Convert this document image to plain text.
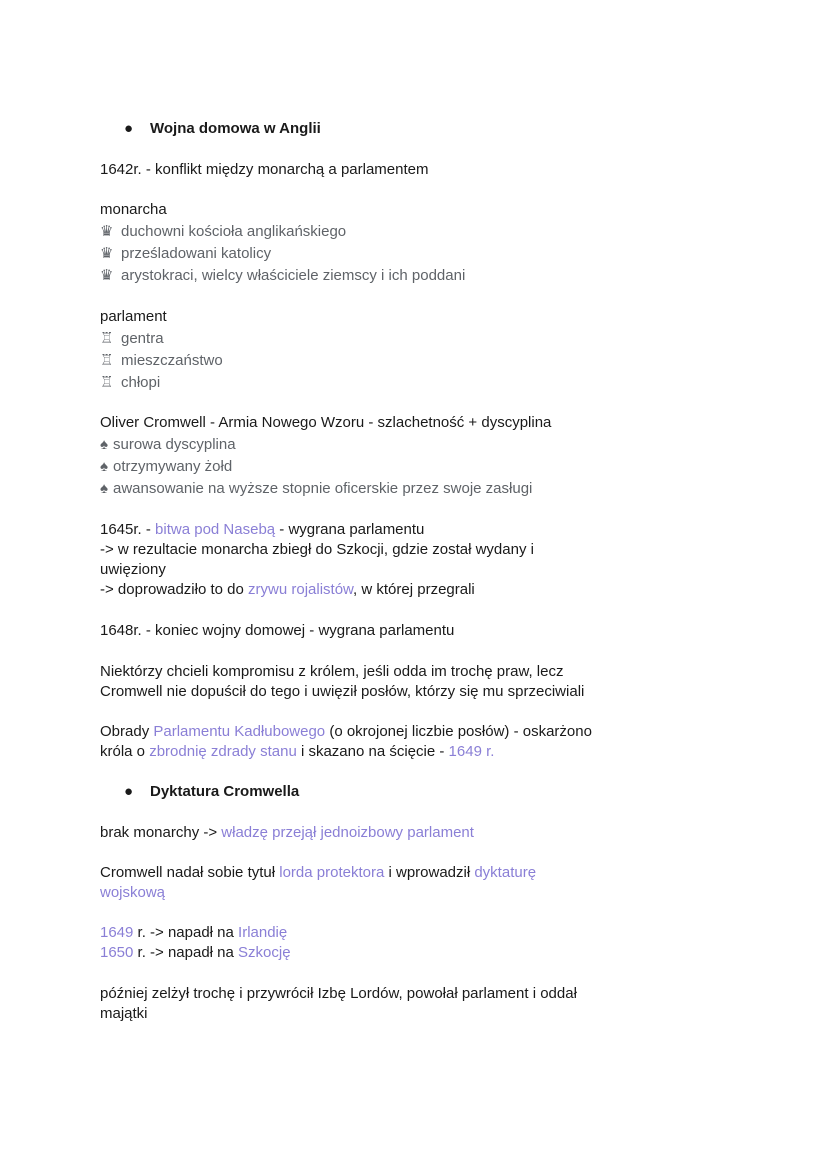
● Wojna domowa w Anglii
1642r. - konflikt między monarchą a parlamentem
monarcha
♛ duchowni kościoła anglikańskiego
♛ prześladowani katolicy
♛ arystokraci, wielcy właściciele ziemscy i ich poddani
parlament
♖ gentra
♖ mieszczaństwo
♖ chłopi
Oliver Cromwell - Armia Nowego Wzoru - szlachetność + dyscyplina
♠ surowa dyscyplina
♠ otrzymywany żołd
♠ awansowanie na wyższe stopnie oficerskie przez swoje zasługi
1645r. - bitwa pod Nasebą - wygrana parlamentu
-> w rezultacie monarcha zbiegł do Szkocji, gdzie został wydany i
uwięziony
-> doprowadziło to do zrywu rojalistów, w której przegrali
1648r. - koniec wojny domowej - wygrana parlamentu
Niektórzy chcieli kompromisu z królem, jeśli odda im trochę praw, lecz
Cromwell nie dopuścił do tego i uwięził posłów, którzy się mu sprzeciwiali
Obrady Parlamentu Kadłubowego (o okrojonej liczbie posłów) - oskarżono
króla o zbrodnię zdrady stanu i skazano na ścięcie - 1649 r.
● Dyktatura Cromwella
brak monarchy -> władzę przejął jednoizbowy parlament
Cromwell nadał sobie tytuł lorda protektora i wprowadził dyktaturę
wojskową
1649 r. -> napadł na Irlandię
1650 r. -> napadł na Szkocję
później zelżył trochę i przywrócił Izbę Lordów, powołał parlament i oddał
majątki
